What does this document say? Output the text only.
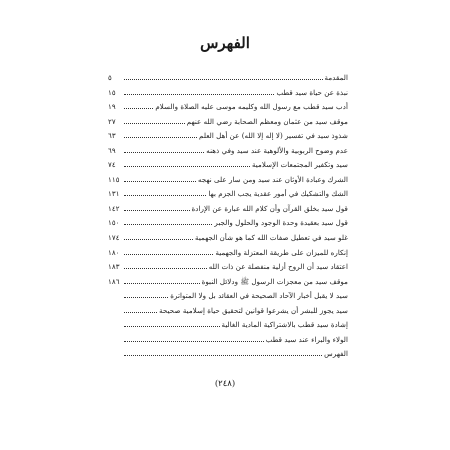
الفهرس
المقدمة
٥
نبذة عن حياة سيد قطب
١٥
أدب سيد قطب مع رسول الله وكليمه موسى عليه الصلاة والسلام
١٩
موقف سيد من عثمان ومعظم الصحابة رضي الله عنهم
٢٧
شذوذ سيد في تفسير (لا إله إلا الله) عن أهل العلم
٦٣
عدم وضوح الربوبية والألوهية عند سيد وفي ذهنه
٦٩
سيد وتكفير المجتمعات الإسلامية
٧٤
الشرك وعبادة الأوثان عند سيد ومن سار على نهجه
١١٥
الشك والتشكيك في أمور عقدية يجب الجزم بها
١٣١
قول سيد بخلق القرآن وأن كلام الله عبارة عن الإرادة
١٤٢
قول سيد بعقيدة وحدة الوجود والحلول والجبر
١٥٠
غلو سيد في تعطيل صفات الله كما هو شأن الجهمية
١٧٤
إنكاره للميزان على طريقة المعتزلة والجهمية
١٨٠
اعتقاد سيد أن الروح أزلية منفصلة عن ذات الله
١٨٣
موقف سيد من معجزات الرسول ﷺ ودلائل النبوة
١٨٦
سيد لا يقبل أخبار الآحاد الصحيحة في العقائد بل ولا المتواترة
سيد يجوز للبشر أن يشرعوا قوانين لتحقيق حياة إسلامية صحيحة
إشادة سيد قطب بالاشتراكية المادية الغالية
الولاء والبراء عند سيد قطب
الفهرس
(٢٤٨)
